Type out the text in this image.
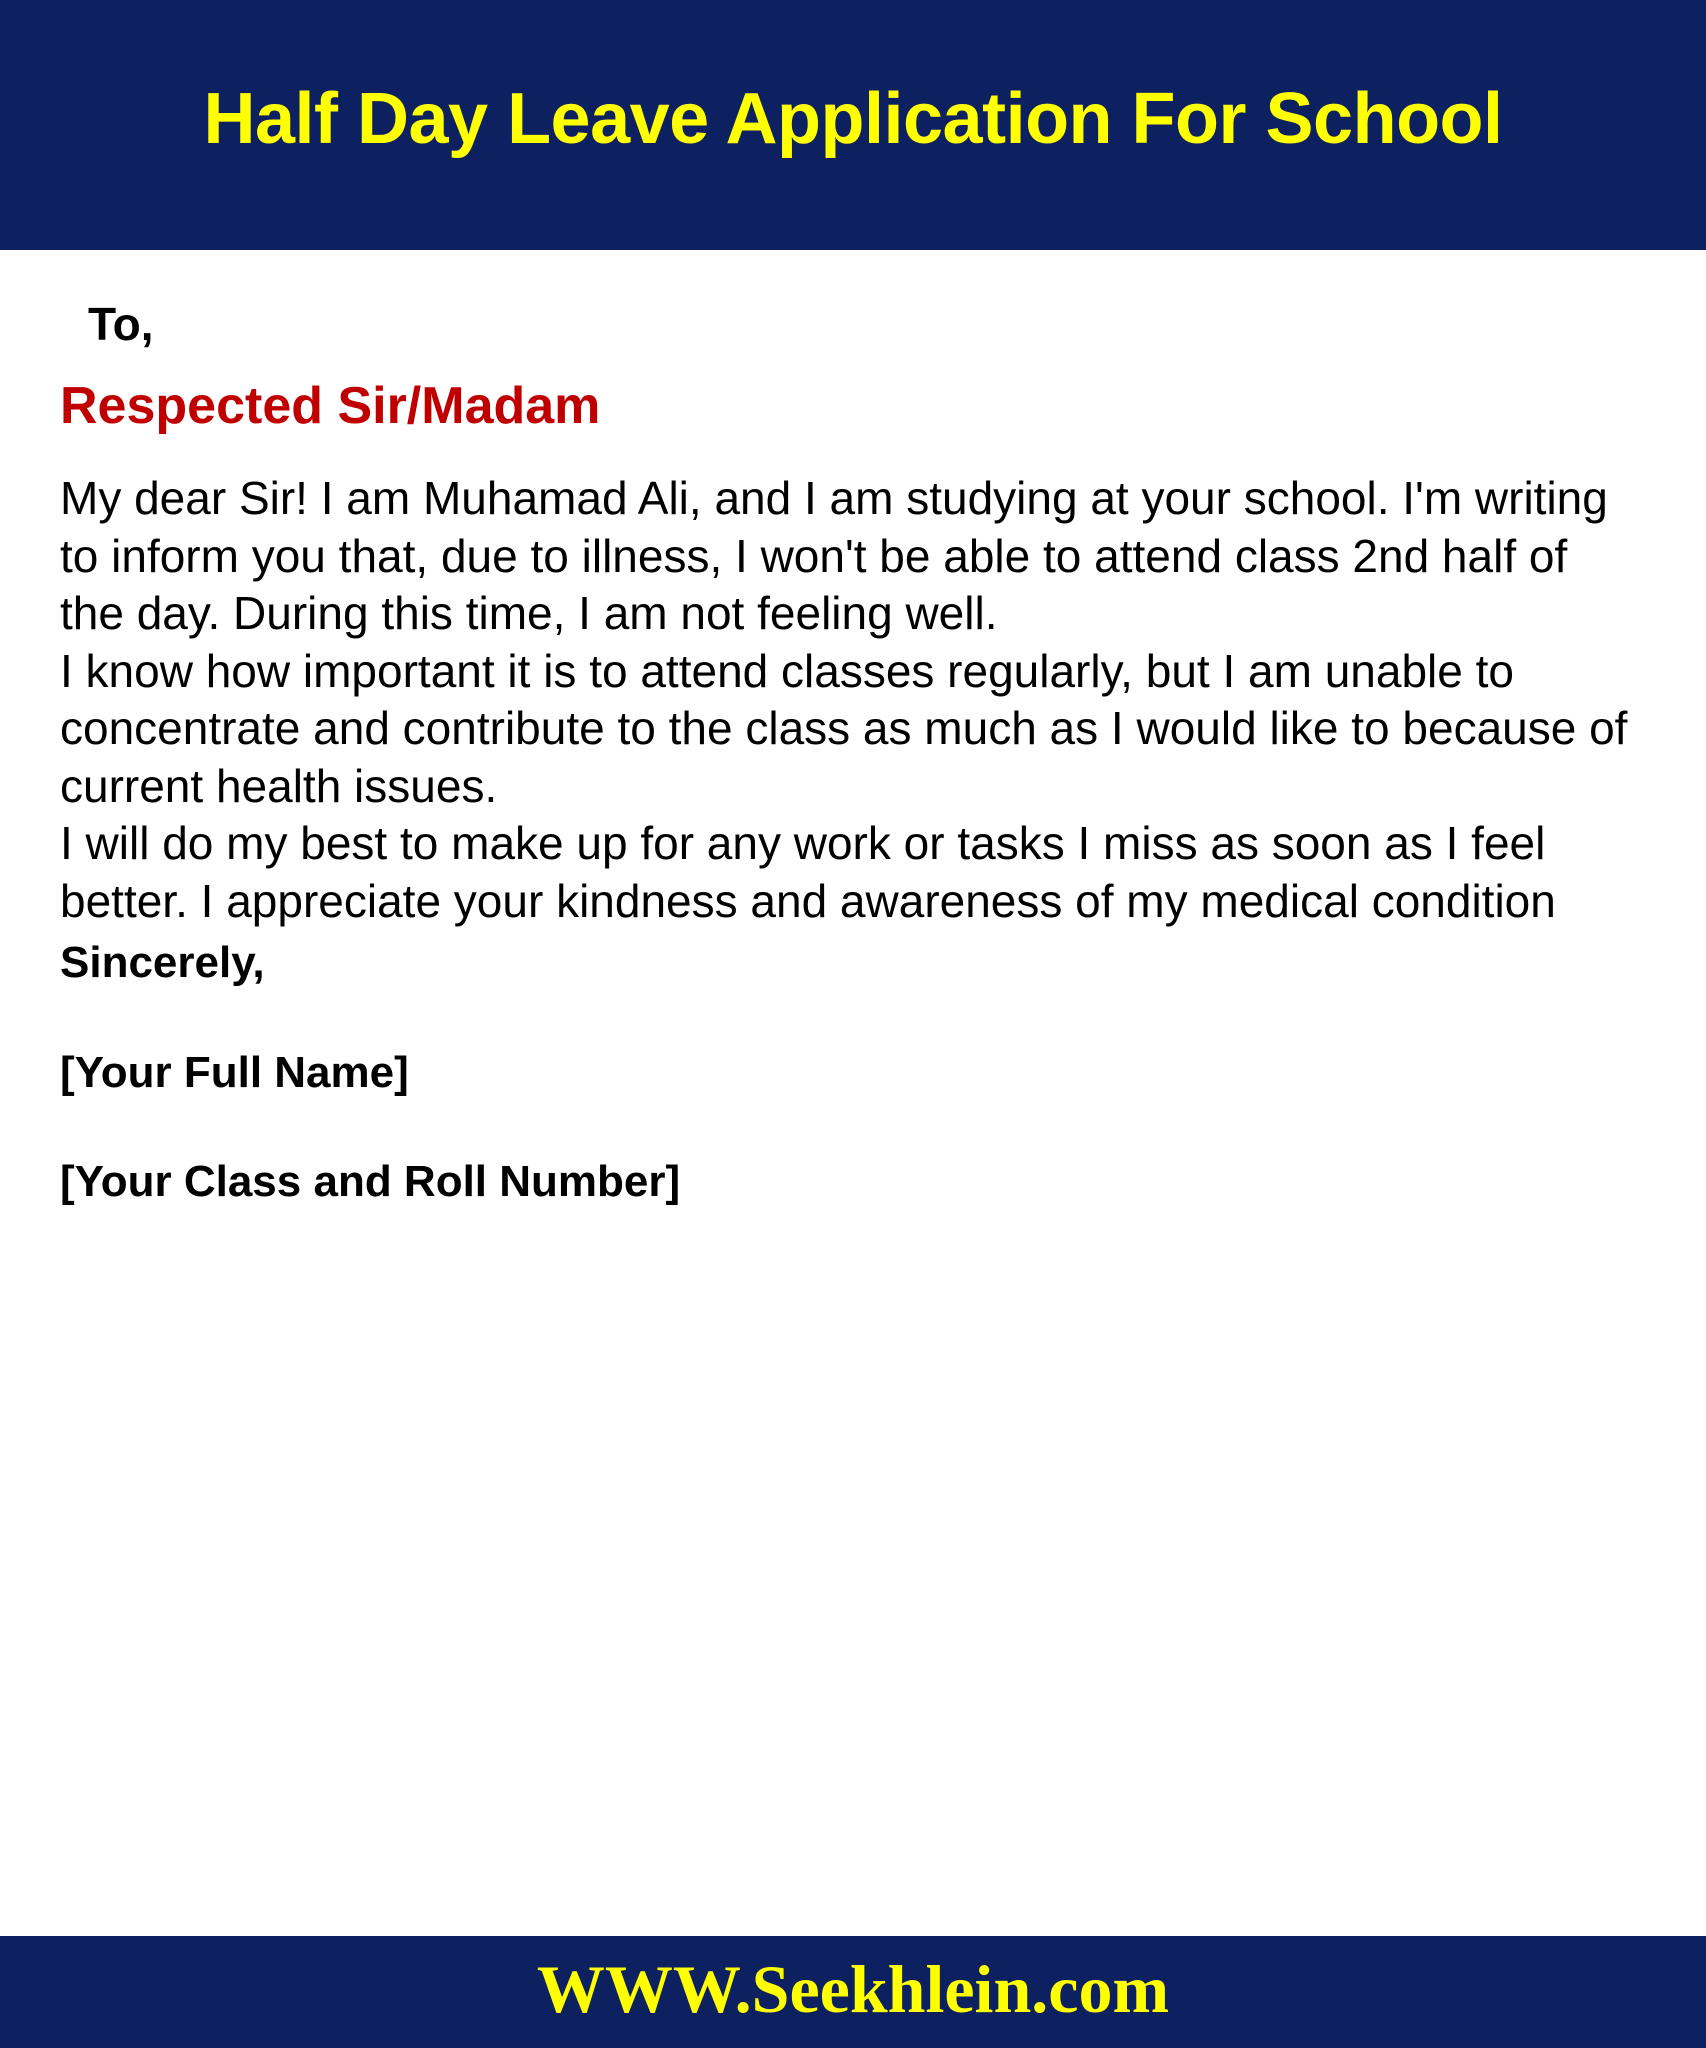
Half Day Leave Application For School
To,
Respected Sir/Madam
My dear Sir! I am Muhamad Ali, and I am studying at your school. I'm writing to inform you that, due to illness, I won't be able to attend class 2nd half of the day. During this time, I am not feeling well.
I know how important it is to attend classes regularly, but I am unable to concentrate and contribute to the class as much as I would like to because of current health issues.
I will do my best to make up for any work or tasks I miss as soon as I feel better. I appreciate your kindness and awareness of my medical condition
Sincerely,
[Your Full Name]
[Your Class and Roll Number]
WWW.Seekhlein.com
